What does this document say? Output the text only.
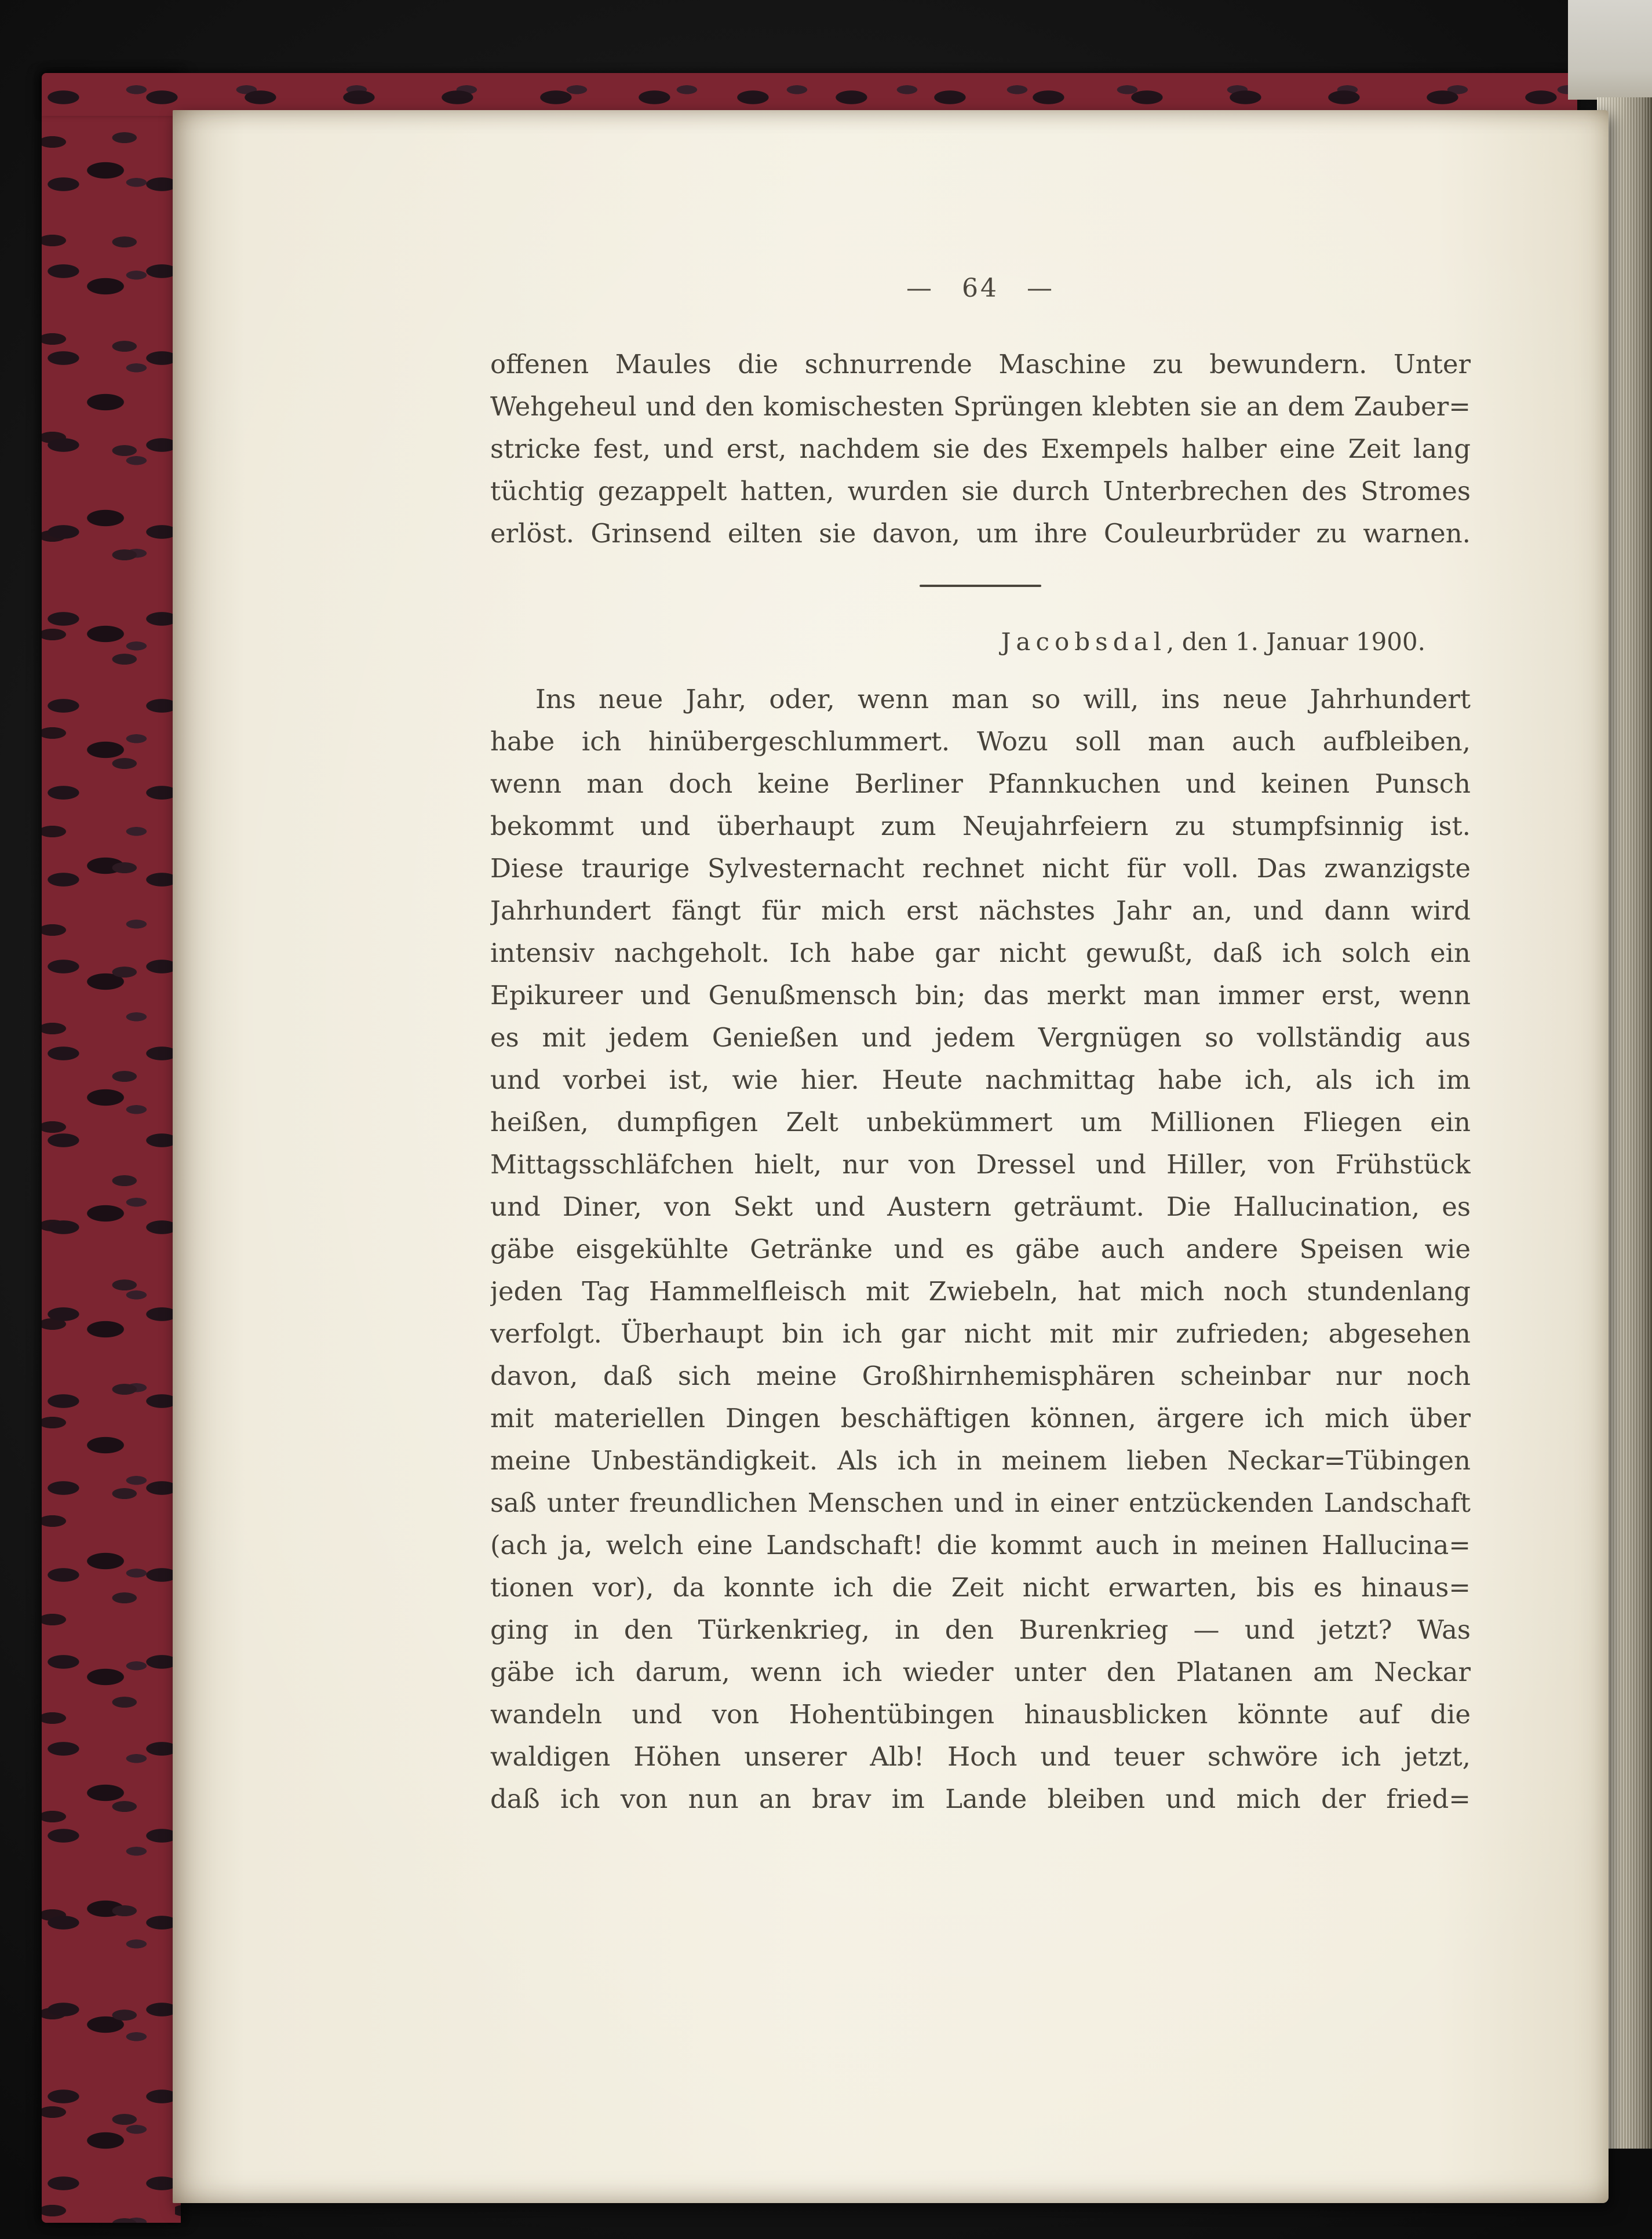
— 64 —
offenen Maules die schnurrende Maschine zu bewundern. Unter
Wehgeheul und den komischesten Sprüngen klebten sie an dem Zauber=
stricke fest, und erst, nachdem sie des Exempels halber eine Zeit lang
tüchtig gezappelt hatten, wurden sie durch Unterbrechen des Stromes
erlöst. Grinsend eilten sie davon, um ihre Couleurbrüder zu warnen.
Jacobsdal, den 1. Januar 1900.
Ins neue Jahr, oder, wenn man so will, ins neue Jahrhundert
habe ich hinübergeschlummert. Wozu soll man auch aufbleiben,
wenn man doch keine Berliner Pfannkuchen und keinen Punsch
bekommt und überhaupt zum Neujahrfeiern zu stumpfsinnig ist.
Diese traurige Sylvesternacht rechnet nicht für voll. Das zwanzigste
Jahrhundert fängt für mich erst nächstes Jahr an, und dann wird
intensiv nachgeholt. Ich habe gar nicht gewußt, daß ich solch ein
Epikureer und Genußmensch bin; das merkt man immer erst, wenn
es mit jedem Genießen und jedem Vergnügen so vollständig aus
und vorbei ist, wie hier. Heute nachmittag habe ich, als ich im
heißen, dumpfigen Zelt unbekümmert um Millionen Fliegen ein
Mittagsschläfchen hielt, nur von Dressel und Hiller, von Frühstück
und Diner, von Sekt und Austern geträumt. Die Hallucination, es
gäbe eisgekühlte Getränke und es gäbe auch andere Speisen wie
jeden Tag Hammelfleisch mit Zwiebeln, hat mich noch stundenlang
verfolgt. Überhaupt bin ich gar nicht mit mir zufrieden; abgesehen
davon, daß sich meine Großhirnhemisphären scheinbar nur noch
mit materiellen Dingen beschäftigen können, ärgere ich mich über
meine Unbeständigkeit. Als ich in meinem lieben Neckar=Tübingen
saß unter freundlichen Menschen und in einer entzückenden Landschaft
(ach ja, welch eine Landschaft! die kommt auch in meinen Hallucina=
tionen vor), da konnte ich die Zeit nicht erwarten, bis es hinaus=
ging in den Türkenkrieg, in den Burenkrieg — und jetzt? Was
gäbe ich darum, wenn ich wieder unter den Platanen am Neckar
wandeln und von Hohentübingen hinausblicken könnte auf die
waldigen Höhen unserer Alb! Hoch und teuer schwöre ich jetzt,
daß ich von nun an brav im Lande bleiben und mich der fried=
